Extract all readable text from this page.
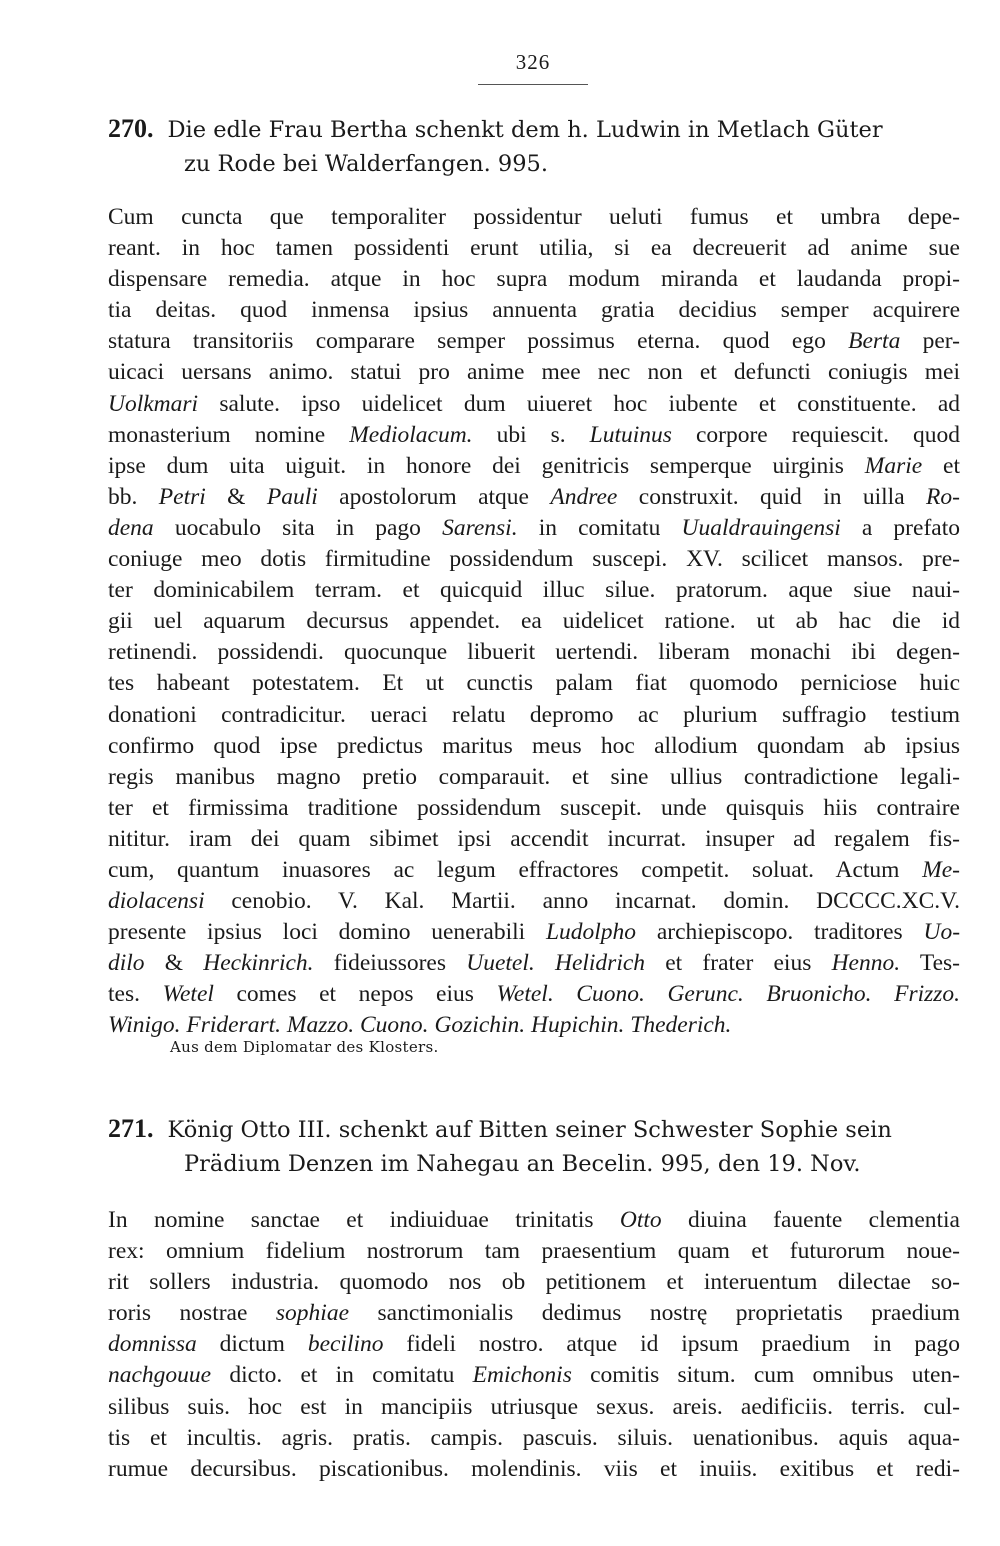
326
270. Die edle Frau Bertha schenkt dem h. Ludwin in Metlach Güter
zu Rode bei Walderfangen. 995.
Cum cuncta que temporaliter possidentur ueluti fumus et umbra depe-
reant. in hoc tamen possidenti erunt utilia, si ea decreuerit ad anime sue
dispensare remedia. atque in hoc supra modum miranda et laudanda propi-
tia deitas. quod inmensa ipsius annuenta gratia decidius semper acquirere
statura transitoriis comparare semper possimus eterna. quod ego Berta per-
uicaci uersans animo. statui pro anime mee nec non et defuncti coniugis mei
Uolkmari salute. ipso uidelicet dum uiueret hoc iubente et constituente. ad
monasterium nomine Mediolacum. ubi s. Lutuinus corpore requiescit. quod
ipse dum uita uiguit. in honore dei genitricis semperque uirginis Marie et
bb. Petri & Pauli apostolorum atque Andree construxit. quid in uilla Ro-
dena uocabulo sita in pago Sarensi. in comitatu Uualdrauingensi a prefato
coniuge meo dotis firmitudine possidendum suscepi. XV. scilicet mansos. pre-
ter dominicabilem terram. et quicquid illuc silue. pratorum. aque siue naui-
gii uel aquarum decursus appendet. ea uidelicet ratione. ut ab hac die id
retinendi. possidendi. quocunque libuerit uertendi. liberam monachi ibi degen-
tes habeant potestatem. Et ut cunctis palam fiat quomodo perniciose huic
donationi contradicitur. ueraci relatu depromo ac plurium suffragio testium
confirmo quod ipse predictus maritus meus hoc allodium quondam ab ipsius
regis manibus magno pretio comparauit. et sine ullius contradictione legali-
ter et firmissima traditione possidendum suscepit. unde quisquis hiis contraire
nititur. iram dei quam sibimet ipsi accendit incurrat. insuper ad regalem fis-
cum, quantum inuasores ac legum effractores competit. soluat. Actum Me-
diolacensi cenobio. V. Kal. Martii. anno incarnat. domin. DCCCC.XC.V.
presente ipsius loci domino uenerabili Ludolpho archiepiscopo. traditores Uo-
dilo & Heckinrich. fideiussores Uuetel. Helidrich et frater eius Henno. Tes-
tes. Wetel comes et nepos eius Wetel. Cuono. Gerunc. Bruonicho. Frizzo.
Winigo. Friderart. Mazzo. Cuono. Gozichin. Hupichin. Thederich.
Aus dem Diplomatar des Klosters.
271. König Otto III. schenkt auf Bitten seiner Schwester Sophie sein
Prädium Denzen im Nahegau an Becelin. 995, den 19. Nov.
In nomine sanctae et indiuiduae trinitatis Otto diuina fauente clementia
rex: omnium fidelium nostrorum tam praesentium quam et futurorum noue-
rit sollers industria. quomodo nos ob petitionem et interuentum dilectae so-
roris nostrae sophiae sanctimonialis dedimus nostrę proprietatis praedium
domnissa dictum becilino fideli nostro. atque id ipsum praedium in pago
nachgouue dicto. et in comitatu Emichonis comitis situm. cum omnibus uten-
silibus suis. hoc est in mancipiis utriusque sexus. areis. aedificiis. terris. cul-
tis et incultis. agris. pratis. campis. pascuis. siluis. uenationibus. aquis aqua-
rumue decursibus. piscationibus. molendinis. viis et inuiis. exitibus et redi-
